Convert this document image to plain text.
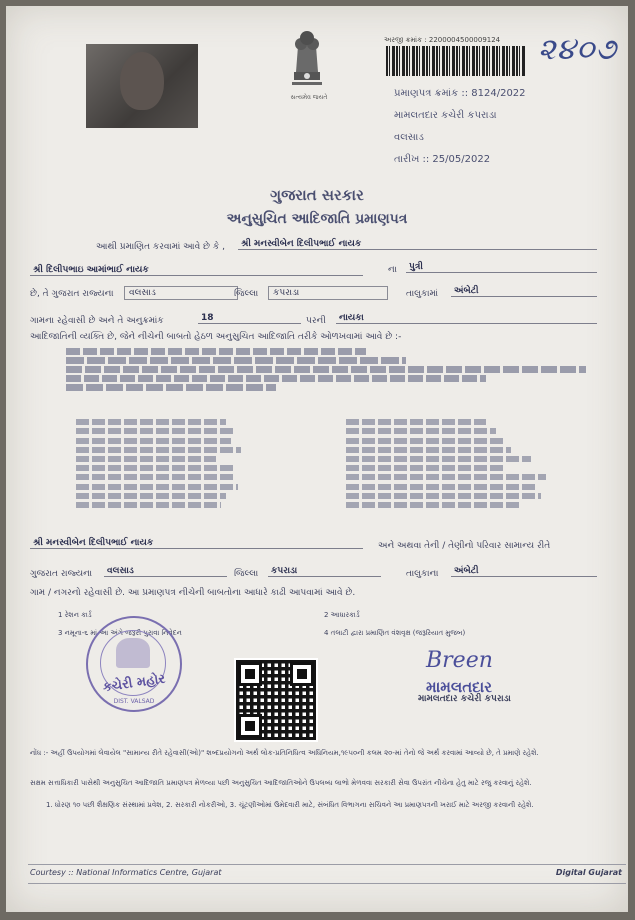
સત્યમેવ જયતે
અરજી ક્રમાંક : 2200004500009124 ૨૪૦૭
પ્રમાણપત્ર ક્રમાંક :: 8124/2022
મામલતદાર કચેરી કપરાડા
વલસાડ
તારીખ :: 25/05/2022
ગુજરાત સરકાર
અનુસુચિત આદિજાતિ પ્રમાણપત્ર
આથી પ્રમાણિત કરવામાં આવે છે કે ,	શ્રી મનસ્વીબેન દિલીપભાઈ નાયક
શ્રી દિલીપભાઇ આમાંભાઈ નાયક	ના	પુત્રી
છે, તે ગુજરાત રાજ્યના	વલસાડ	જિલ્લા	કપરાડા	તાલુકામાં	અંબેટી
ગામના રહેવાસી છે અને તે અનુક્રમાંક	18	પરની	નાયકા
આદિજાતિની વ્યક્તિ છે, જેને નીચેની બાબતો હેઠળ અનુસુચિત આદિજાતિ તરીકે ઓળખવામાં આવે છે :-
શ્રી મનસ્વીબેન દિલીપભાઈ નાયક	અને અથવા તેની / તેણીનો પરિવાર સામાન્ય રીતે
ગુજરાત રાજ્યના	વલસાડ	જિલ્લા	કપરાડા	તાલુકાના	અંબેટી
ગામ / નગરનો રહેવાસી છે. આ પ્રમાણપત્ર નીચેની બાબતોના આધારે કાઢી આપવામાં આવે છે.
1 રેશન કાર્ડ	2 આધારકાર્ડ
3 નમૂના-૬ માં આ અંગે જરૂરી પુરાવા નિવેદન	4 તલાટી દ્વારા પ્રમાણિત વંશવૃક્ષ (જરૂરિયાત મુજબ)
કચેરી મહોર
DIST. VALSAD
Breen
મામલતદાર
મામલતદાર કચેરી કપરાડા
નોંધ :- અહીં ઉપયોગમાં લેવાયેલ "સામાન્ય રીતે રહેવાસી(ઓ)" શબ્દપ્રયોગનો અર્થ લોક-પ્રતિનિધિત્વ અધિનિયમ,૧૯૫૦ની કલમ ૨૦-માં તેનો જે અર્થ કરવામાં આવ્યો છે, તે પ્રમાણે રહેશે.
સક્ષમ સત્તાધિકારી પાસેથી અનુસુચિત આદિજાતિ પ્રમાણપત્ર મેળવ્યા પછી અનુસુચિત આદિજાતિઓને ઉપલબ્ધ લાભો મેળવવા સરકારી સેવા ઉપરાંત નીચેના હેતુ માટે રજુ કરવાનું રહેશે.
1. ધોરણ ૧૦ પછી શૈક્ષણિક સંસ્થામાં પ્રવેશ, 2. સરકારી નોકરીઓ, 3. ચૂંટણીઓમાં ઉમેદવારી માટે, સંબંધિત વિભાગના સચિવને આ પ્રમાણપત્રની ખરાઈ માટે અરજી કરવાની રહેશે.
Courtesy :: National Informatics Centre, Gujarat	Digital Gujarat
